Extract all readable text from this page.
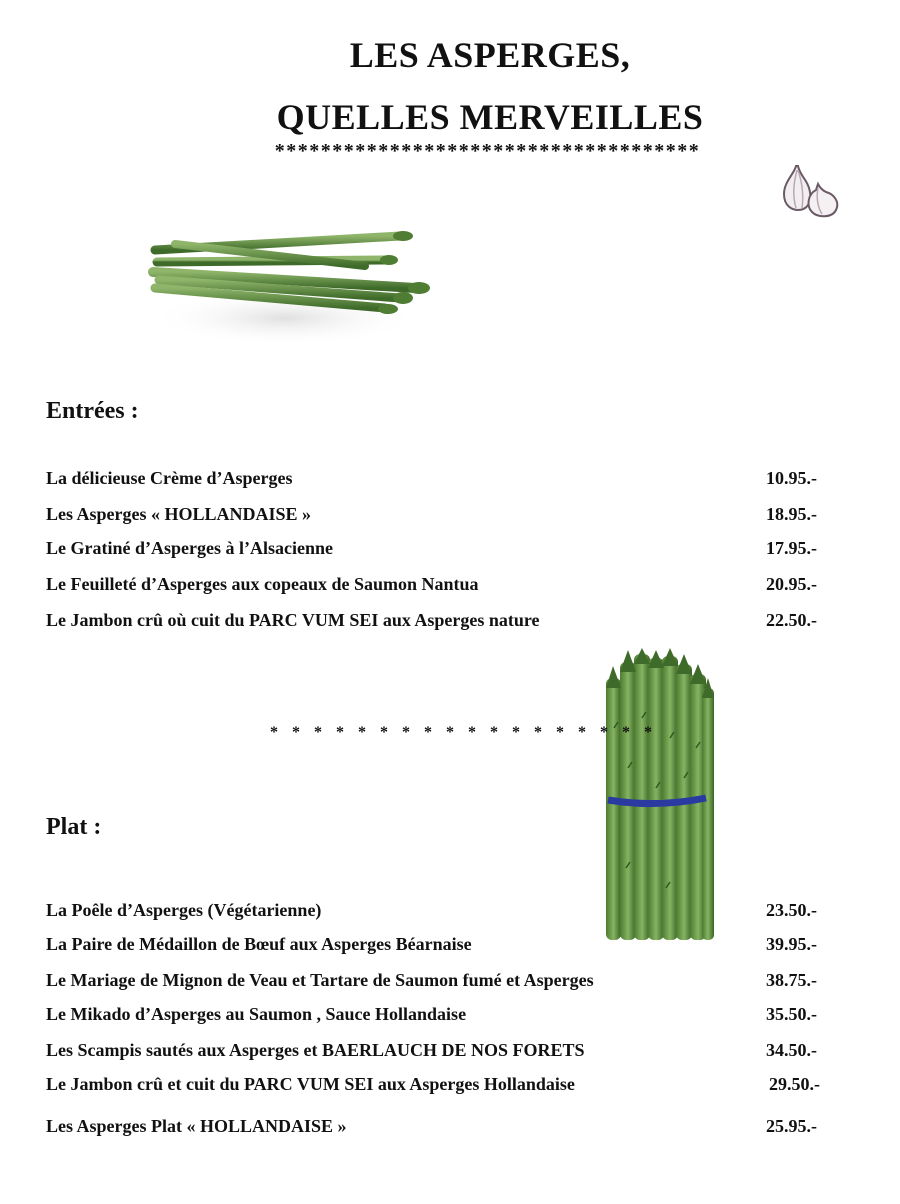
LES ASPERGES,
QUELLES MERVEILLES
*************************************
Entrées :
La délicieuse Crème d’Asperges	10.95.-
Les Asperges « HOLLANDAISE »	18.95.-
Le Gratiné d’Asperges à l’Alsacienne	17.95.-
Le Feuilleté d’Asperges aux copeaux de Saumon Nantua	20.95.-
Le Jambon crû où cuit du PARC VUM SEI aux Asperges nature	22.50.-
* * * * * * * * * * * * * * * * * *
Plat :
La Poêle d’Asperges (Végétarienne)	23.50.-
La Paire de Médaillon de Bœuf aux Asperges Béarnaise	39.95.-
Le Mariage de Mignon de Veau et Tartare de Saumon fumé et Asperges	38.75.-
Le Mikado d’Asperges au Saumon , Sauce Hollandaise	35.50.-
Les Scampis sautés aux Asperges et BAERLAUCH DE NOS FORETS	34.50.-
Le Jambon crû et cuit du PARC VUM SEI aux Asperges Hollandaise	29.50.-
Les Asperges Plat « HOLLANDAISE »	25.95.-
